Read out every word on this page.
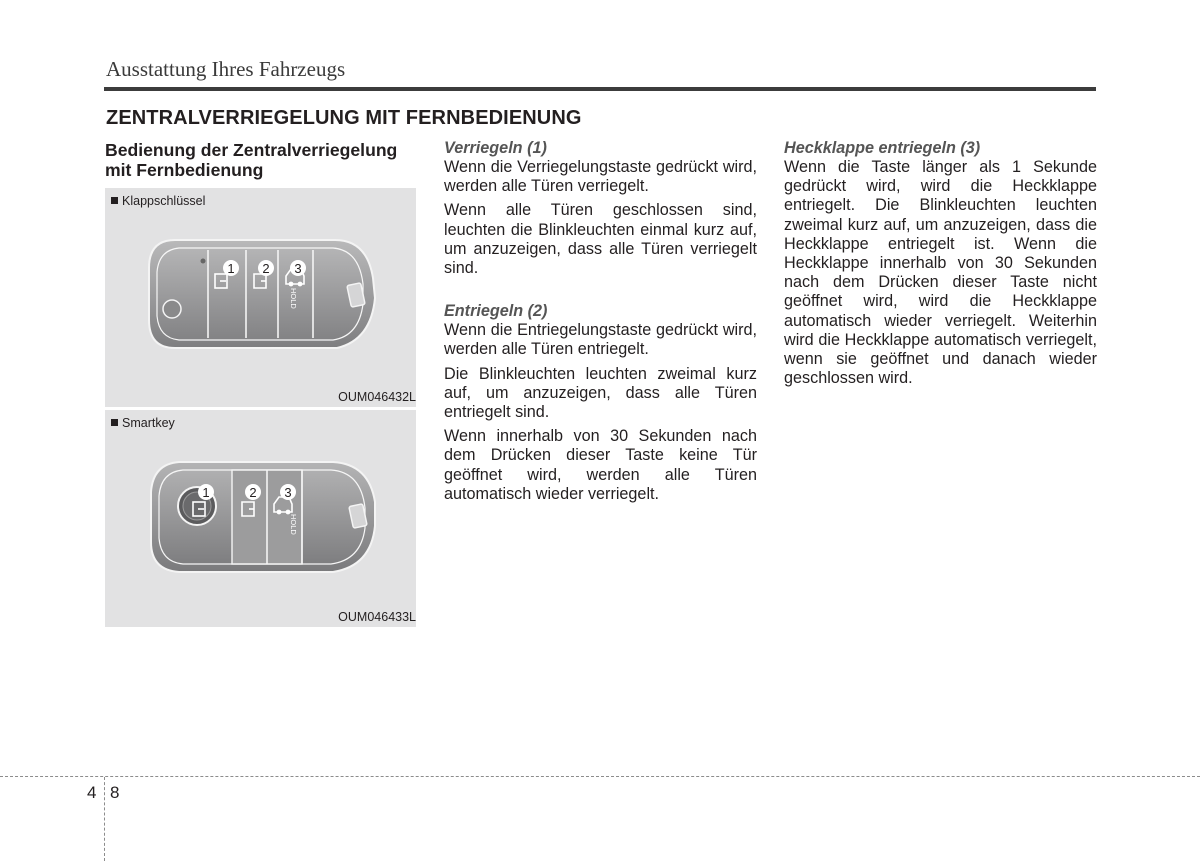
Ausstattung Ihres Fahrzeugs
ZENTRALVERRIEGELUNG MIT FERNBEDIENUNG
Bedienung der Zentralverriegelung mit Fernbedienung
Klappschlüssel
HOLD
1 2 3
OUM046432L
Smartkey
HOLD
1	2 3
OUM046433L

Verriegeln (1)

Wenn die Verriegelungstaste gedrückt wird, werden alle Türen verriegelt.

Wenn alle Türen geschlossen sind, leuchten die Blinkleuchten einmal kurz auf, um anzuzeigen, dass alle Türen verriegelt sind.

Entriegeln (2)

Wenn die Entriegelungstaste gedrückt wird, werden alle Türen entriegelt.

Die Blinkleuchten leuchten zweimal kurz auf, um anzuzeigen, dass alle Türen entriegelt sind.

Wenn innerhalb von 30 Sekunden nach dem Drücken dieser Taste keine Tür geöffnet wird, werden alle Türen automatisch wieder verriegelt.

Heckklappe entriegeln (3)

Wenn die Taste länger als 1 Sekunde gedrückt wird, wird die Heckklappe entriegelt. Die Blinkleuchten leuchten zweimal kurz auf, um anzuzeigen, dass die Heckklappe entriegelt ist. Wenn die Heckklappe innerhalb von 30 Sekunden nach dem Drücken dieser Taste nicht geöffnet wird, wird die Heckklappe automatisch wieder verriegelt. Weiterhin wird die Heckklappe automatisch verriegelt, wenn sie geöffnet und danach wieder geschlossen wird.

4 8
